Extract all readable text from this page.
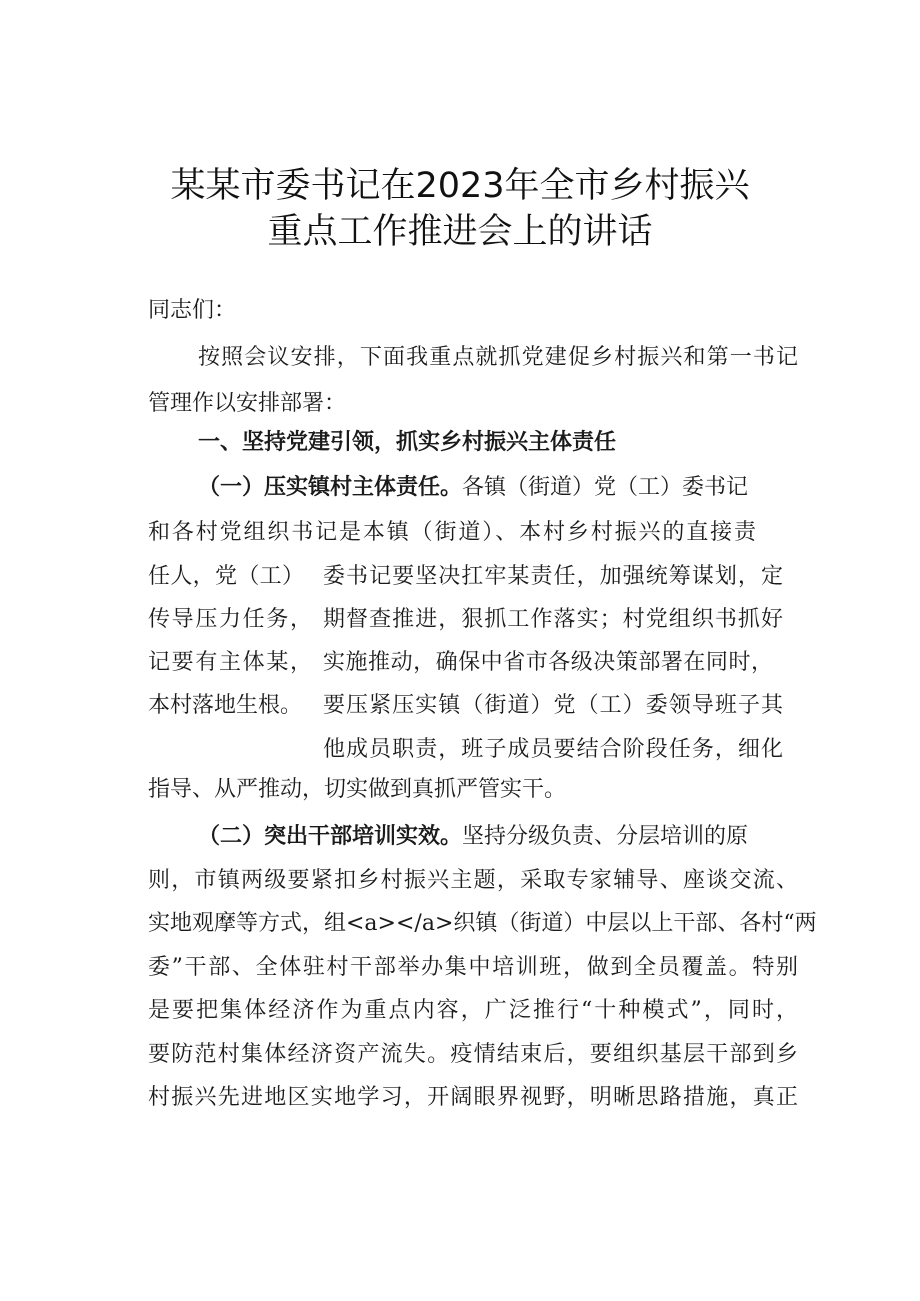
某某市委书记在2023年全市乡村振兴
重点工作推进会上的讲话
同志们：
按照会议安排，下面我重点就抓党建促乡村振兴和第一书记
管理作以安排部署：
一、坚持党建引领，抓实乡村振兴主体责任
（一）压实镇村主体责任。各镇（街道）党（工）委书记
和各村党组织书记是本镇（街道）、本村乡村振兴的直接责
任人，党（工）
传导压力任务，
记要有主体某，
本村落地生根。
委书记要坚决扛牢某责任，加强统筹谋划，定
期督查推进，狠抓工作落实；村党组织书抓好
实施推动，确保中省市各级决策部署在同时，
要压紧压实镇（街道）党（工）委领导班子其
他成员职责，班子成员要结合阶段任务，细化
指导、从严推动，切实做到真抓严管实干。
（二）突出干部培训实效。坚持分级负责、分层培训的原
则，市镇两级要紧扣乡村振兴主题，采取专家辅导、座谈交流、
实地观摩等方式，组<a></a>织镇（街道）中层以上干部、各村“两
委”干部、全体驻村干部举办集中培训班，做到全员覆盖。特别
是要把集体经济作为重点内容，广泛推行“十种模式”，同时，
要防范村集体经济资产流失。疫情结束后，要组织基层干部到乡
村振兴先进地区实地学习，开阔眼界视野，明晰思路措施，真正
